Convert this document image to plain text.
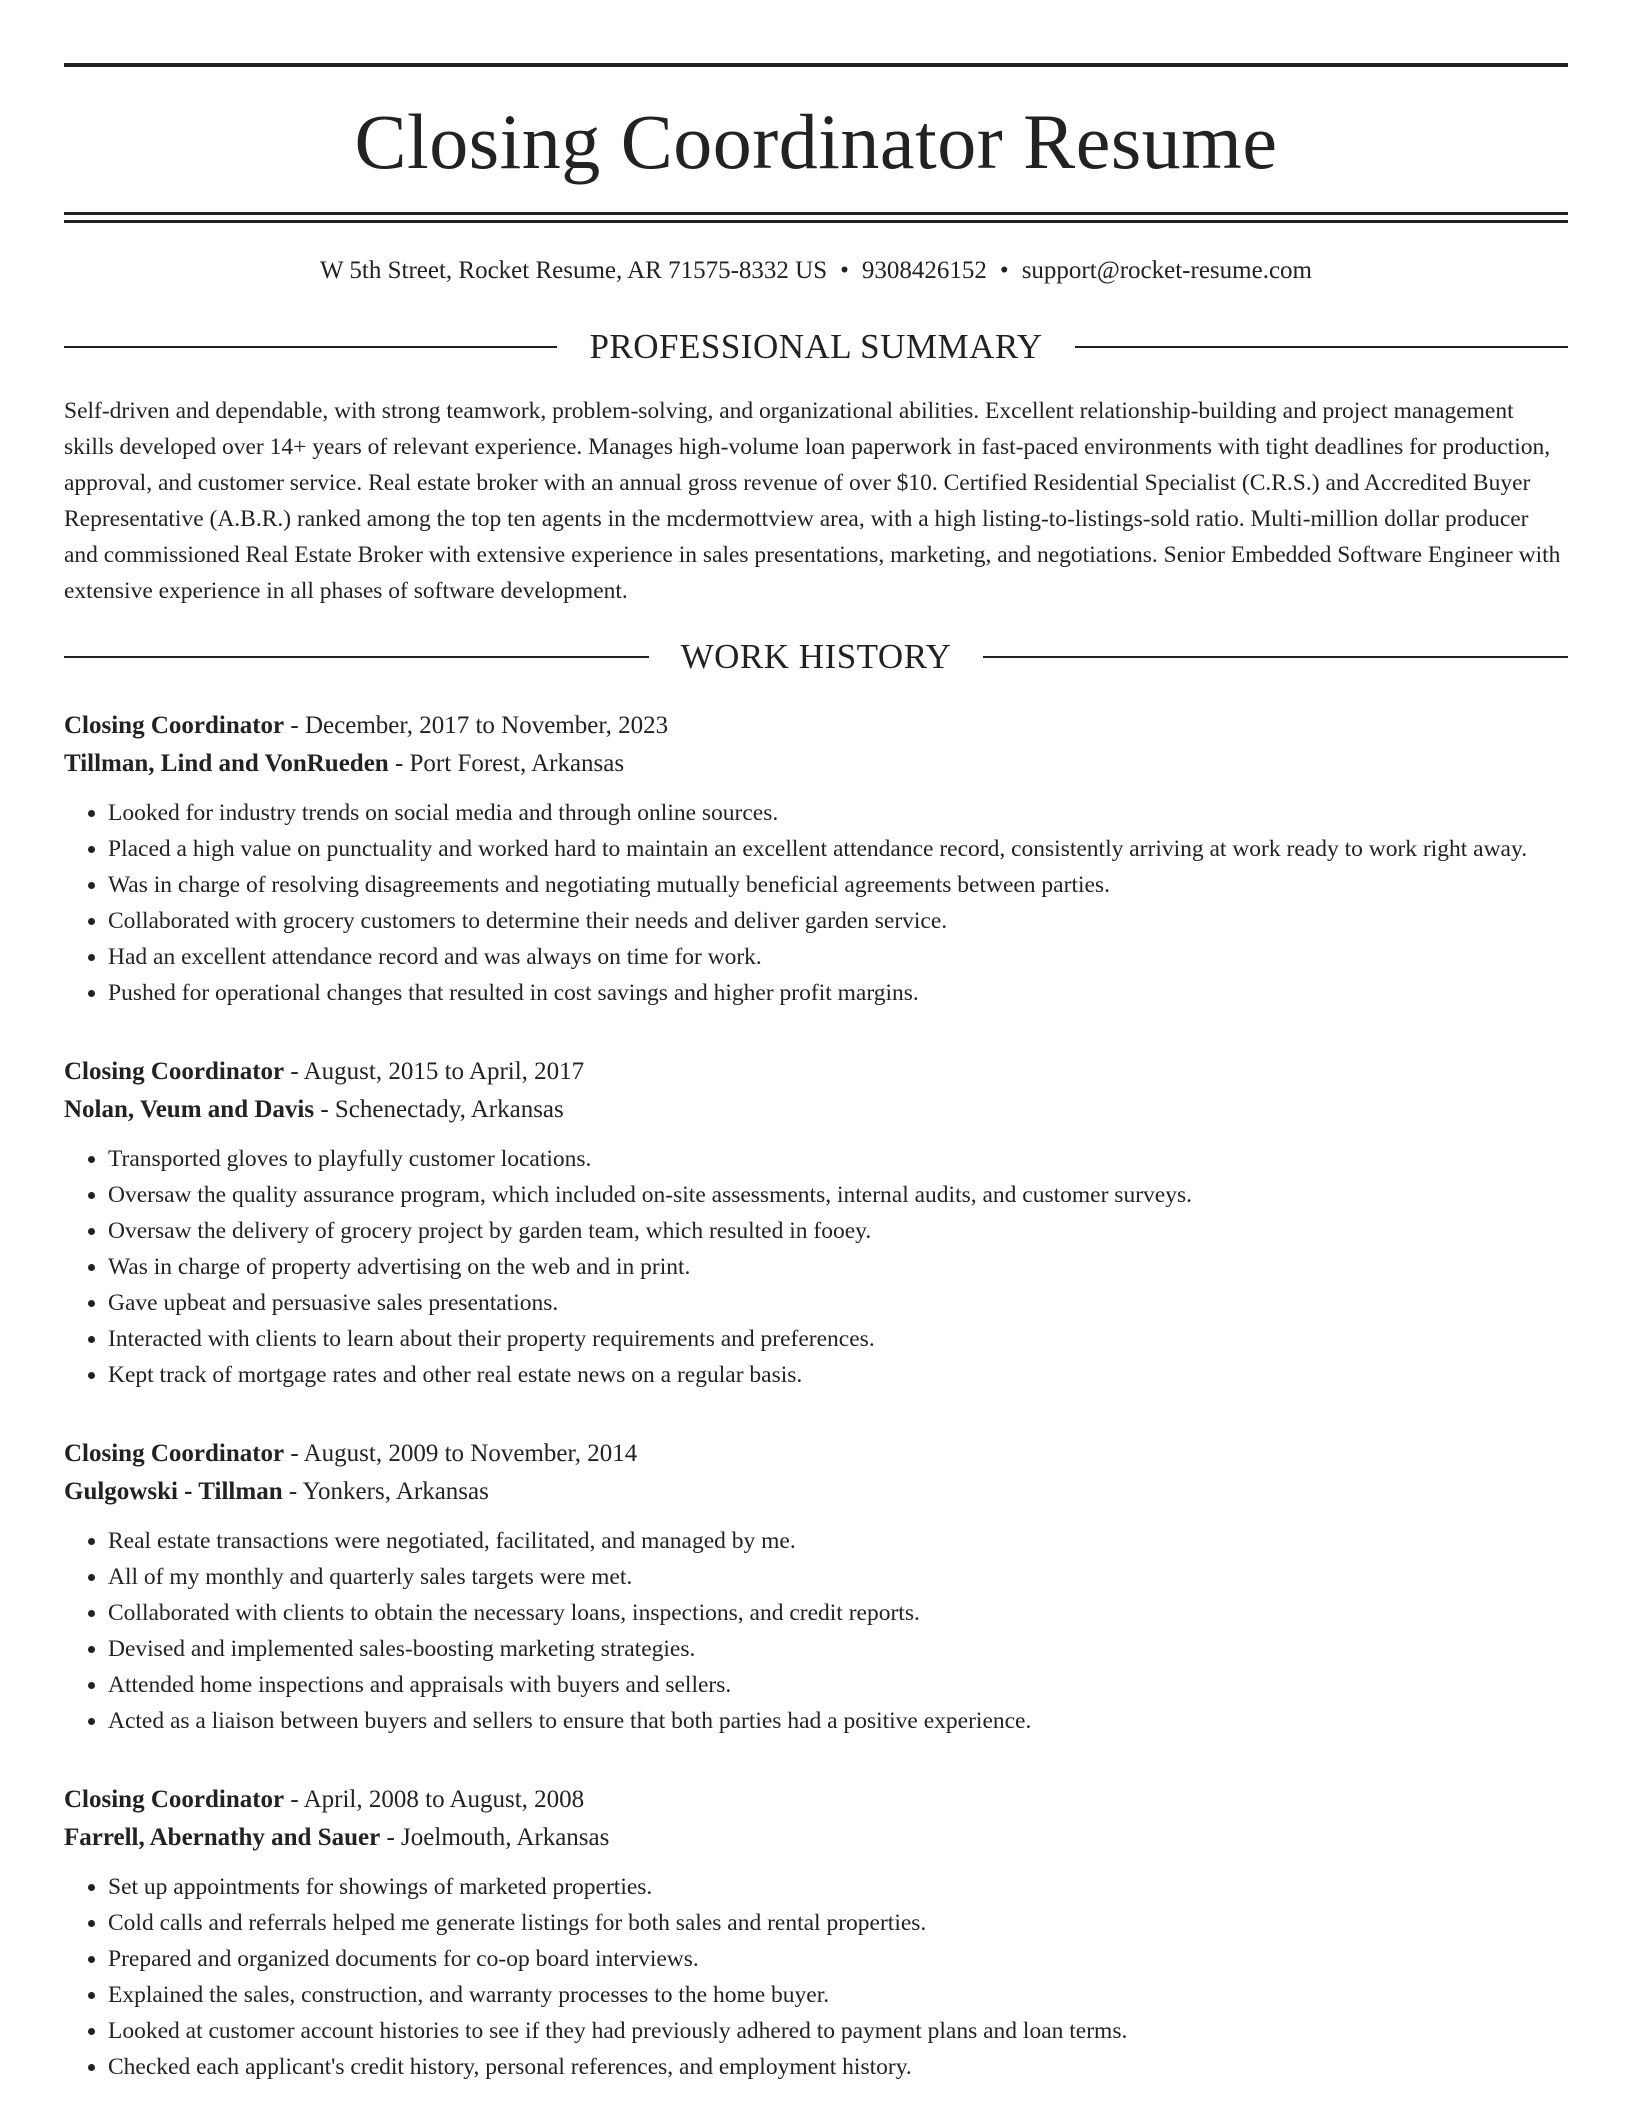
Closing Coordinator Resume
W 5th Street, Rocket Resume, AR 71575-8332 US • 9308426152 • support@rocket-resume.com
PROFESSIONAL SUMMARY
Self-driven and dependable, with strong teamwork, problem-solving, and organizational abilities. Excellent relationship-building and project management skills developed over 14+ years of relevant experience. Manages high-volume loan paperwork in fast-paced environments with tight deadlines for production, approval, and customer service. Real estate broker with an annual gross revenue of over $10. Certified Residential Specialist (C.R.S.) and Accredited Buyer Representative (A.B.R.) ranked among the top ten agents in the mcdermottview area, with a high listing-to-listings-sold ratio. Multi-million dollar producer and commissioned Real Estate Broker with extensive experience in sales presentations, marketing, and negotiations. Senior Embedded Software Engineer with extensive experience in all phases of software development.
WORK HISTORY
Closing Coordinator - December, 2017 to November, 2023
Tillman, Lind and VonRueden - Port Forest, Arkansas
• Looked for industry trends on social media and through online sources.
• Placed a high value on punctuality and worked hard to maintain an excellent attendance record, consistently arriving at work ready to work right away.
• Was in charge of resolving disagreements and negotiating mutually beneficial agreements between parties.
• Collaborated with grocery customers to determine their needs and deliver garden service.
• Had an excellent attendance record and was always on time for work.
• Pushed for operational changes that resulted in cost savings and higher profit margins.
Closing Coordinator - August, 2015 to April, 2017
Nolan, Veum and Davis - Schenectady, Arkansas
• Transported gloves to playfully customer locations.
• Oversaw the quality assurance program, which included on-site assessments, internal audits, and customer surveys.
• Oversaw the delivery of grocery project by garden team, which resulted in fooey.
• Was in charge of property advertising on the web and in print.
• Gave upbeat and persuasive sales presentations.
• Interacted with clients to learn about their property requirements and preferences.
• Kept track of mortgage rates and other real estate news on a regular basis.
Closing Coordinator - August, 2009 to November, 2014
Gulgowski - Tillman - Yonkers, Arkansas
• Real estate transactions were negotiated, facilitated, and managed by me.
• All of my monthly and quarterly sales targets were met.
• Collaborated with clients to obtain the necessary loans, inspections, and credit reports.
• Devised and implemented sales-boosting marketing strategies.
• Attended home inspections and appraisals with buyers and sellers.
• Acted as a liaison between buyers and sellers to ensure that both parties had a positive experience.
Closing Coordinator - April, 2008 to August, 2008
Farrell, Abernathy and Sauer - Joelmouth, Arkansas
• Set up appointments for showings of marketed properties.
• Cold calls and referrals helped me generate listings for both sales and rental properties.
• Prepared and organized documents for co-op board interviews.
• Explained the sales, construction, and warranty processes to the home buyer.
• Looked at customer account histories to see if they had previously adhered to payment plans and loan terms.
• Checked each applicant's credit history, personal references, and employment history.
